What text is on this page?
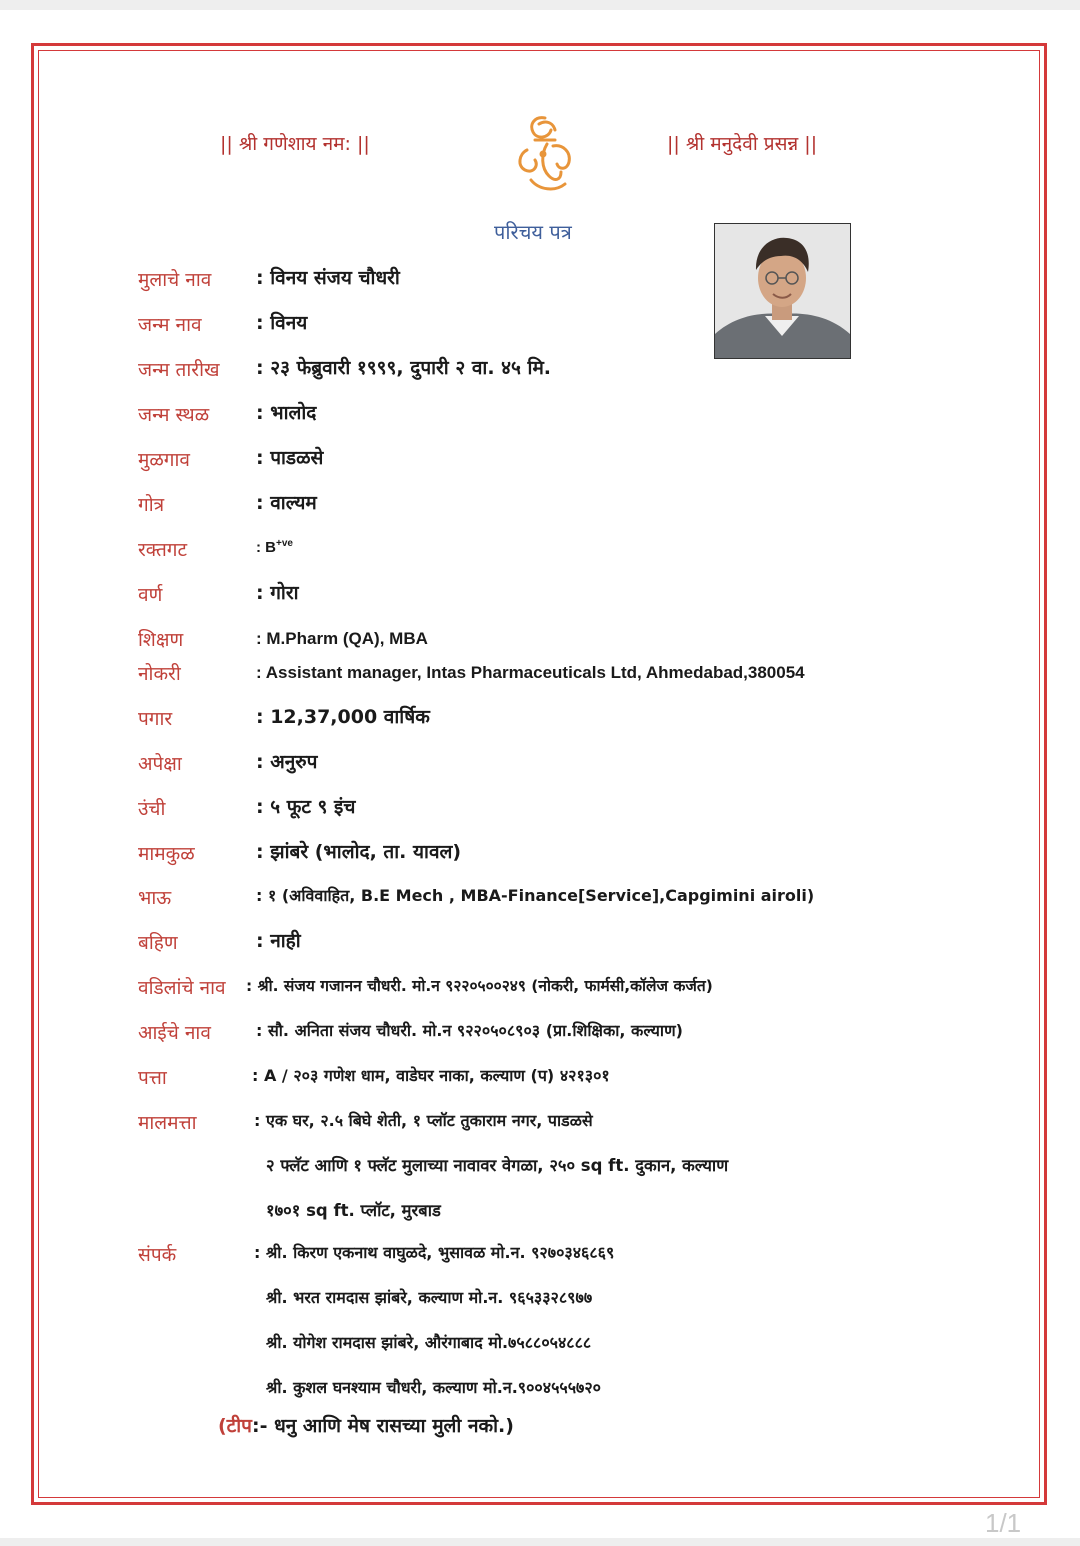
|| श्री गणेशाय नम: ||	|| श्री मनुदेवी प्रसन्न ||
परिचय पत्र
मुलाचे नाव : विनय संजय चौधरी
जन्म नाव	: विनय
जन्म तारीख : २३ फेब्रुवारी १९९९, दुपारी २ वा. ४५ मि.
जन्म स्थळ : भालोद
मुळगाव	: पाडळसे
गोत्र	: वाल्यम
रक्तगट	: $B^{+ve}$
वर्ण	: गोरा
शिक्षण	: M.Pharm (QA), MBA
नोकरी	: Assistant manager, Intas Pharmaceuticals Ltd, Ahmedabad,380054
पगार	: 12,37,000 वार्षिक
अपेक्षा	: अनुरुप
उंची	: ५ फूट ९ इंच
मामकुळ	: झांबरे (भालोद, ता. यावल)
भाऊ	: १ (अविवाहित, B.E Mech , MBA-Finance[Service],Capgimini airoli)
बहिण	: नाही
वडिलांचे नाव : श्री. संजय गजानन चौधरी. मो.न ९२२०५००२४९ (नोकरी, फार्मसी,कॉलेज कर्जत)
आईचे नाव	: सौ. अनिता संजय चौधरी. मो.न ९२२०५०८९०३ (प्रा.शिक्षिका, कल्याण)
पत्ता	: A / २०३ गणेश धाम, वाडेघर नाका, कल्याण (प) ४२१३०१
मालमत्ता	: एक घर, २.५ बिघे शेती, १ प्लॉट तुकाराम नगर, पाडळसे
२ फ्लॅट आणि १ फ्लॅट मुलाच्या नावावर वेगळा, २५० sq ft. दुकान, कल्याण
१७०१ sq ft. प्लॉट, मुरबाड
संपर्क	: श्री. किरण एकनाथ वाघुळदे, भुसावळ मो.न. ९२७०३४६८६९
श्री. भरत रामदास झांबरे, कल्याण मो.न. ९६५३३२८९७७
श्री. योगेश रामदास झांबरे, औरंगाबाद मो.७५८८०५४८८८
श्री. कुशल घनश्याम चौधरी, कल्याण मो.न.९००४५५५७२०
(टीप:- धनु आणि मेष रासच्या मुली नको.)
1/1
